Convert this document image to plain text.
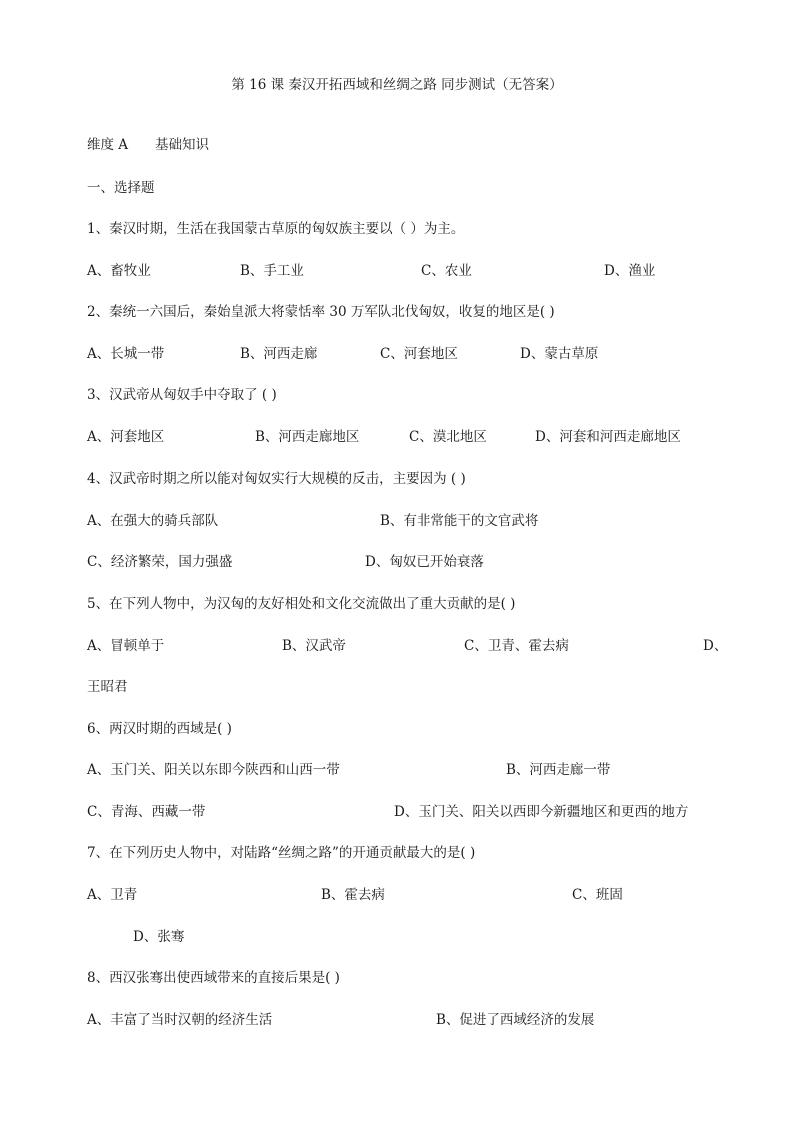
第 16 课 秦汉开拓西域和丝绸之路 同步测试（无答案）
维度 A　　基础知识
一、选择题
1、秦汉时期，生活在我国蒙古草原的匈奴族主要以（ ）为主。
A、畜牧业	B、手工业	C、农业	D、渔业
2、秦统一六国后，秦始皇派大将蒙恬率 30 万军队北伐匈奴，收复的地区是( )
A、长城一带	B、河西走廊	C、河套地区	D、蒙古草原
3、汉武帝从匈奴手中夺取了 ( )
A、河套地区	B、河西走廊地区	C、漠北地区	D、河套和河西走廊地区
4、汉武帝时期之所以能对匈奴实行大规模的反击，主要因为 ( )
A、在强大的骑兵部队	B、有非常能干的文官武将
C、经济繁荣，国力强盛	D、匈奴已开始衰落
5、在下列人物中，为汉匈的友好相处和文化交流做出了重大贡献的是( )
A、冒顿单于	B、汉武帝	C、卫青、霍去病	D、
王昭君
6、两汉时期的西域是( )
A、玉门关、阳关以东即今陕西和山西一带	B、河西走廊一带
C、青海、西藏一带	D、玉门关、阳关以西即今新疆地区和更西的地方
7、在下列历史人物中，对陆路“丝绸之路”的开通贡献最大的是( )
A、卫青	B、霍去病	C、班固
D、张骞
8、西汉张骞出使西域带来的直接后果是( )
A、丰富了当时汉朝的经济生活	B、促进了西域经济的发展
